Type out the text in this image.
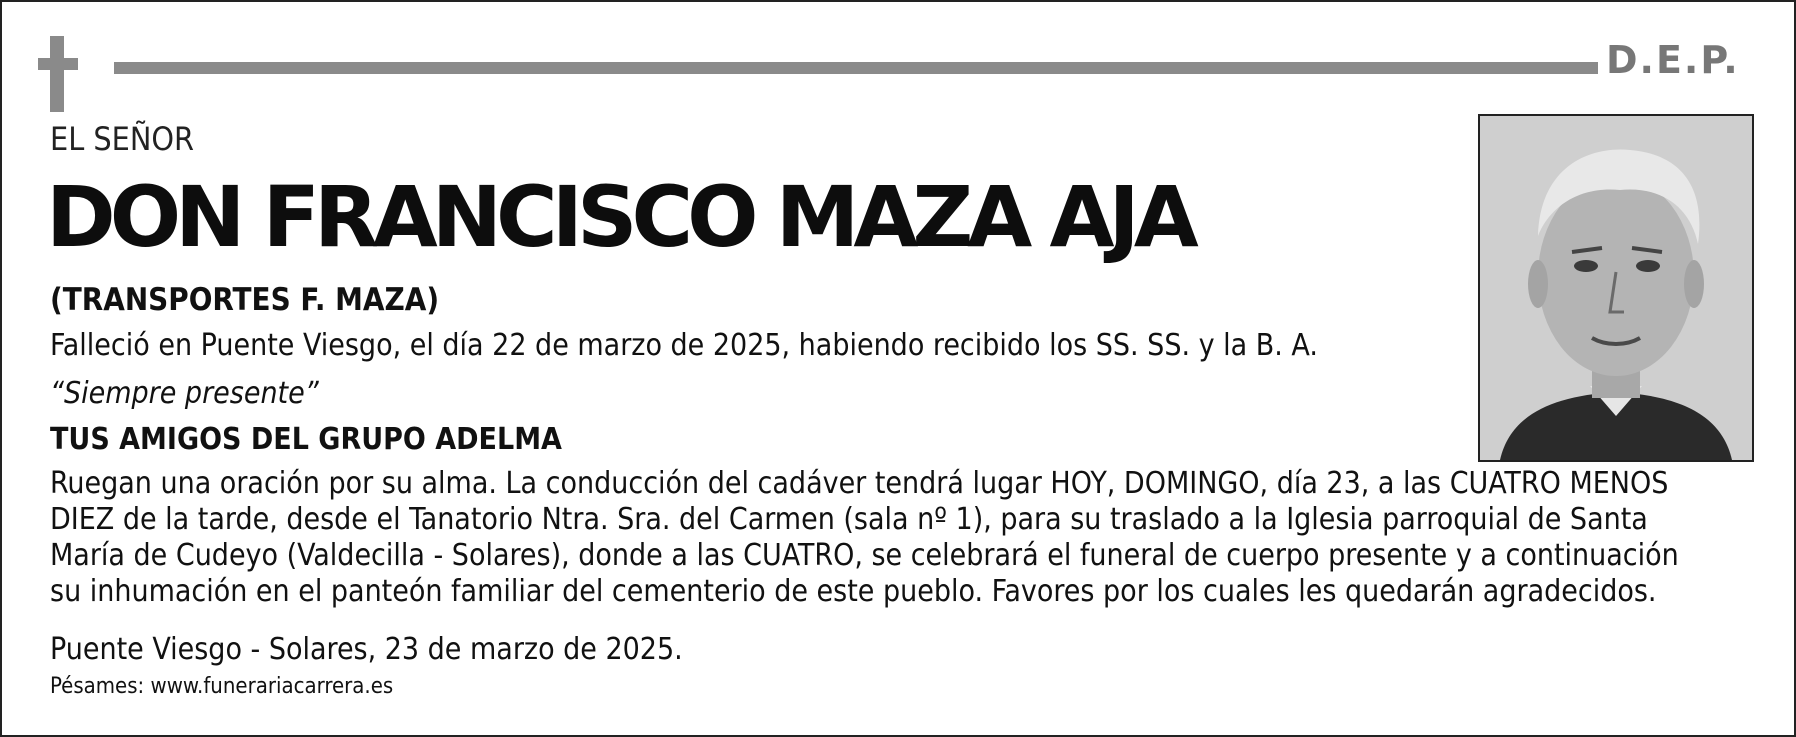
D.E.P.
EL SEÑOR
DON FRANCISCO MAZA AJA
(TRANSPORTES F. MAZA)
Falleció en Puente Viesgo, el día 22 de marzo de 2025, habiendo recibido los SS. SS. y la B. A.
“Siempre presente”
TUS AMIGOS DEL GRUPO ADELMA
Ruegan una oración por su alma. La conducción del cadáver tendrá lugar HOY, DOMINGO, día 23, a las CUATRO MENOS
DIEZ de la tarde, desde el Tanatorio Ntra. Sra. del Carmen (sala nº 1), para su traslado a la Iglesia parroquial de Santa
María de Cudeyo (Valdecilla - Solares), donde a las CUATRO, se celebrará el funeral de cuerpo presente y a continuación
su inhumación en el panteón familiar del cementerio de este pueblo. Favores por los cuales les quedarán agradecidos.
Puente Viesgo - Solares, 23 de marzo de 2025.
Pésames: www.funerariacarrera.es
